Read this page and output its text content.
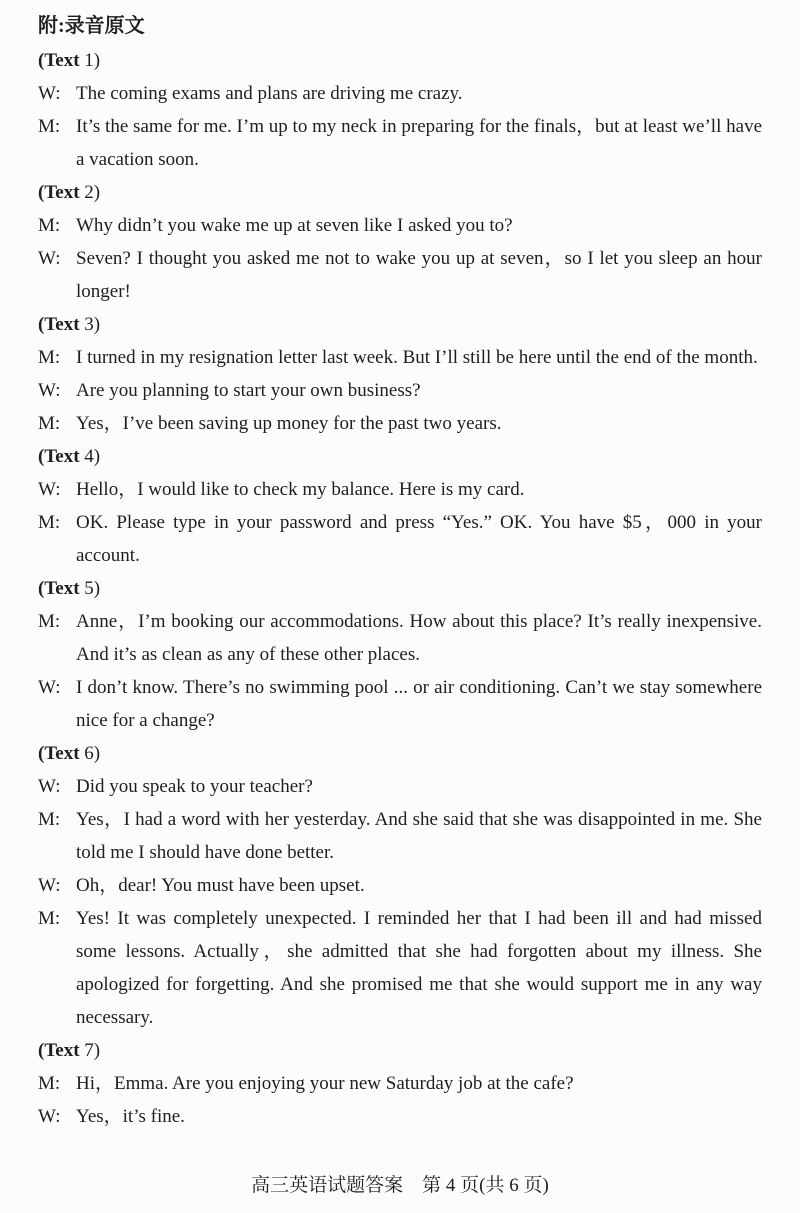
附:录音原文

(Text 1)

W: The coming exams and plans are driving me crazy.

M: It’s the same for me. I’m up to my neck in preparing for the finals，but at least we’ll have a vacation soon.

(Text 2)

M: Why didn’t you wake me up at seven like I asked you to?

W: Seven? I thought you asked me not to wake you up at seven，so I let you sleep an hour longer!

(Text 3)

M: I turned in my resignation letter last week. But I’ll still be here until the end of the month.

W: Are you planning to start your own business?

M: Yes，I’ve been saving up money for the past two years.

(Text 4)

W: Hello，I would like to check my balance. Here is my card.

M: OK. Please type in your password and press “Yes.” OK. You have $5，000 in your account.

(Text 5)

M: Anne，I’m booking our accommodations. How about this place? It’s really inexpensive. And it’s as clean as any of these other places.

W: I don’t know. There’s no swimming pool ... or air conditioning. Can’t we stay somewhere nice for a change?

(Text 6)

W: Did you speak to your teacher?

M: Yes，I had a word with her yesterday. And she said that she was disappointed in me. She told me I should have done better.

W: Oh，dear! You must have been upset.

M: Yes! It was completely unexpected. I reminded her that I had been ill and had missed some lessons. Actually，she admitted that she had forgotten about my illness. She apologized for forgetting. And she promised me that she would support me in any way necessary.

(Text 7)

M: Hi，Emma. Are you enjoying your new Saturday job at the cafe?

W: Yes，it’s fine.

高三英语试题答案　第 4 页(共 6 页)
